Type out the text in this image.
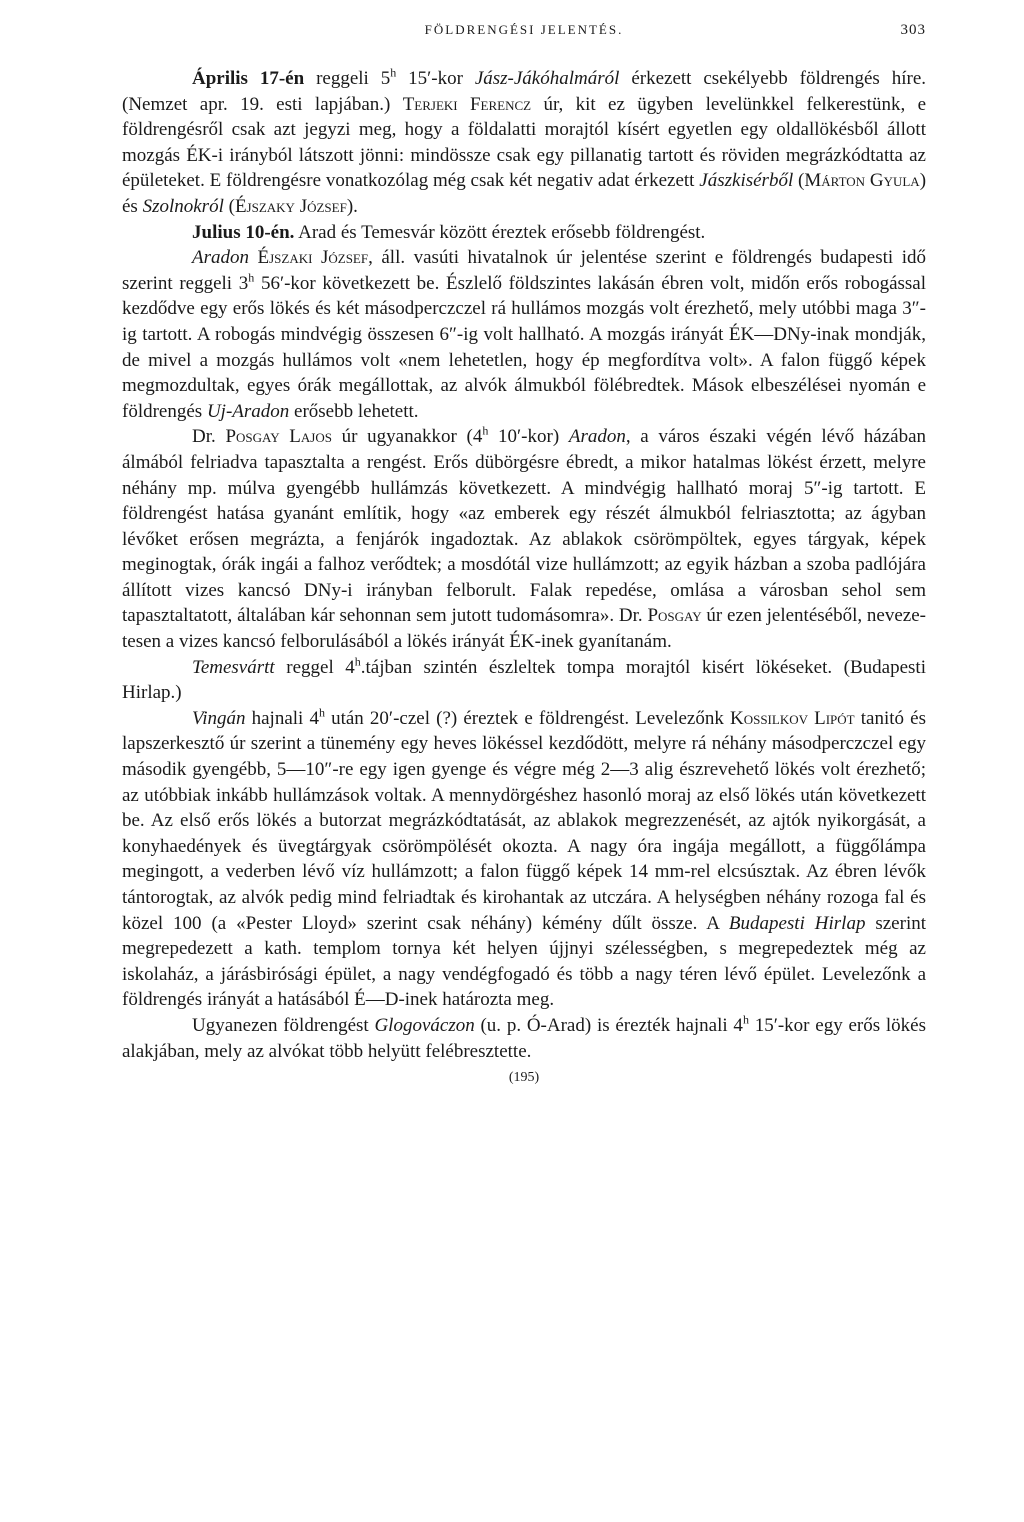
FÖLDRENGÉSI JELENTÉS.	303

Április 17-én reggeli 5$^h$ 15′-kor Jász-Jákóhalmáról érkezett csekélyebb földrengés híre. (Nemzet apr. 19. esti lapjában.) Terjeki Ferencz úr, kit ez ügyben levelünkkel felkerestünk, e földrengésről csak azt jegyzi meg, hogy a földalatti morajtól kísért egyetlen egy oldallökésből állott mozgás ÉK-i irányból látszott jönni: mindössze csak egy pillanatig tartott és röviden megrázkódtatta az épületeket. E földrengésre vonatkozólag még csak két negativ adat érkezett Jászkisérből (Márton Gyula) és Szolnokról (Éjszaky József).

Julius 10-én. Arad és Temesvár között éreztek erősebb földrengést.

Aradon Éjszaki József, áll. vasúti hivatalnok úr jelentése szerint e földrengés budapesti idő szerint reggeli 3$^h$ 56′-kor következett be. Észlelő földszintes lakásán ébren volt, midőn erős robogással kezdődve egy erős lökés és két másodperczczel rá hullámos mozgás volt érezhető, mely utóbbi maga 3″-ig tartott. A robogás mindvégig összesen 6″-ig volt hallható. A mozgás irányát ÉK—DNy-inak mondják, de mivel a mozgás hullámos volt «nem lehetetlen, hogy ép megfordítva volt». A falon függő képek megmozdultak, egyes órák megállottak, az alvók álmukból fölébredtek. Mások elbeszélései nyomán e földrengés Uj-Aradon erősebb lehetett.

Dr. Posgay Lajos úr ugyanakkor (4$^h$ 10′-kor) Aradon, a város északi végén lévő házában álmából felriadva tapasztalta a rengést. Erős dübörgésre ébredt, a mikor hatalmas lökést érzett, melyre néhány mp. múlva gyengébb hullámzás következett. A mindvégig hallható moraj 5″-ig tartott. E földrengést hatása gyanánt említik, hogy «az emberek egy részét álmukból felriasztotta; az ágyban lévőket erősen megrázta, a fenjárók ingadoztak. Az ablakok csörömpöltek, egyes tárgyak, képek meginogtak, órák ingái a falhoz verődtek; a mosdótál vize hullámzott; az egyik házban a szoba padlójára állított vizes kancsó DNy-i irányban felborult. Falak repedése, omlása a városban sehol sem tapasztaltatott, általában kár sehonnan sem jutott tudomásomra». Dr. Posgay úr ezen jelentéséből, nevezetesen a vizes kancsó felborulásából a lökés irányát ÉK-inek gyanítanám.

Temesvártt reggel 4$^h$.tájban szintén észleltek tompa morajtól kisért lökéseket. (Budapesti Hirlap.)

Vingán hajnali 4$^h$ után 20′-czel (?) éreztek e földrengést. Levelezőnk Kossilkov Lipót tanitó és lapszerkesztő úr szerint a tünemény egy heves lökéssel kezdődött, melyre rá néhány másodperczczel egy második gyengébb, 5—10″-re egy igen gyenge és végre még 2—3 alig észrevehető lökés volt érezhető; az utóbbiak inkább hullámzások voltak. A mennydörgéshez hasonló moraj az első lökés után következett be. Az első erős lökés a butorzat megrázkódtatását, az ablakok megrezzenését, az ajtók nyikorgását, a konyhaedények és üvegtárgyak csörömpölését okozta. A nagy óra ingája megállott, a függőlámpa megingott, a vederben lévő víz hullámzott; a falon függő képek 14 mm-rel elcsúsztak. Az ébren lévők tántorogtak, az alvók pedig mind felriadtak és kirohantak az utczára. A helységben néhány rozoga fal és közel 100 (a «Pester Lloyd» szerint csak néhány) kémény dűlt össze. A Budapesti Hirlap szerint megrepedezett a kath. templom tornya két helyen újjnyi szélességben, s megrepedeztek még az iskolaház, a járásbirósági épület, a nagy vendégfogadó és több a nagy téren lévő épület. Levelezőnk a földrengés irányát a hatásából É—D-inek határozta meg.

Ugyanezen földrengést Glogováczon (u. p. Ó-Arad) is érezték hajnali 4$^h$ 15′-kor egy erős lökés alakjában, mely az alvókat több helyütt felébresztette.

(195)
